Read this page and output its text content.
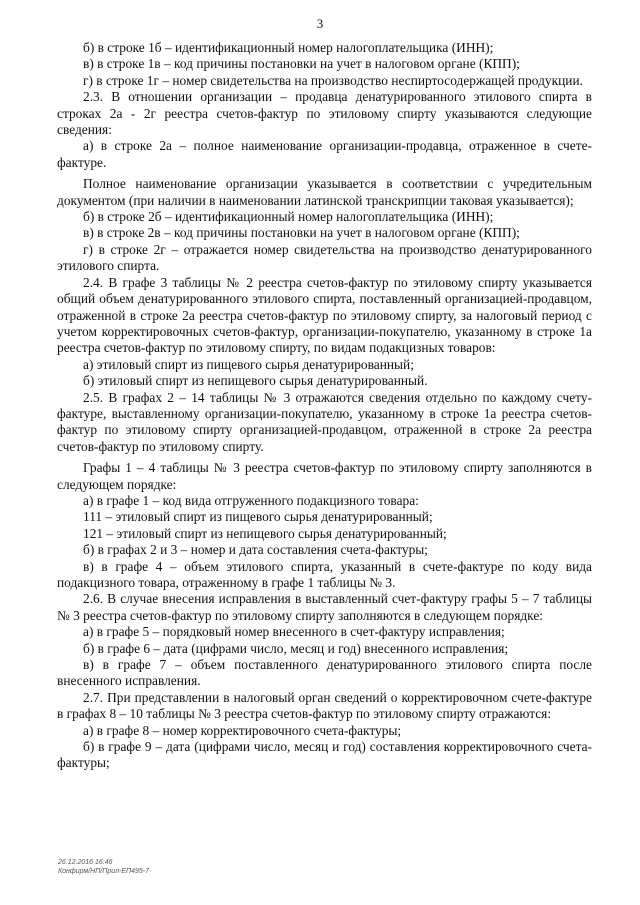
3

б) в строке 1б – идентификационный номер налогоплательщика (ИНН);

в) в строке 1в – код причины постановки на учет в налоговом органе (КПП);

г) в строке 1г – номер свидетельства на производство неспиртосодержащей продукции.

2.3. В отношении организации – продавца денатурированного этилового спирта в строках 2а - 2г реестра счетов-фактур по этиловому спирту указываются следующие сведения:

а) в строке 2а – полное наименование организации-продавца, отраженное в счете-фактуре.

Полное наименование организации указывается в соответствии с учредительным документом (при наличии в наименовании латинской транскрипции таковая указывается);

б) в строке 2б – идентификационный номер налогоплательщика (ИНН);

в) в строке 2в – код причины постановки на учет в налоговом органе (КПП);

г) в строке 2г – отражается номер свидетельства на производство денатурированного этилового спирта.

2.4. В графе 3 таблицы № 2 реестра счетов-фактур по этиловому спирту указывается общий объем денатурированного этилового спирта, поставленный организацией-продавцом, отраженной в строке 2а реестра счетов-фактур по этиловому спирту, за налоговый период с учетом корректировочных счетов-фактур, организации-покупателю, указанному в строке 1а реестра счетов-фактур по этиловому спирту, по видам подакцизных товаров:

а) этиловый спирт из пищевого сырья денатурированный;

б) этиловый спирт из непищевого сырья денатурированный.

2.5. В графах 2 – 14 таблицы № 3 отражаются сведения отдельно по каждому счету-фактуре, выставленному организации-покупателю, указанному в строке 1а реестра счетов-фактур по этиловому спирту организацией-продавцом, отраженной в строке 2а реестра счетов-фактур по этиловому спирту.

Графы 1 – 4 таблицы № 3 реестра счетов-фактур по этиловому спирту заполняются в следующем порядке:

а) в графе 1 – код вида отгруженного подакцизного товара:

111 – этиловый спирт из пищевого сырья денатурированный;

121 – этиловый спирт из непищевого сырья денатурированный;

б) в графах 2 и 3 – номер и дата составления счета-фактуры;

в) в графе 4 – объем этилового спирта, указанный в счете-фактуре по коду вида подакцизного товара, отраженному в графе 1 таблицы № 3.

2.6. В случае внесения исправления в выставленный счет-фактуру графы 5 – 7 таблицы № 3 реестра счетов-фактур по этиловому спирту заполняются в следующем порядке:

а) в графе 5 – порядковый номер внесенного в счет-фактуру исправления;

б) в графе 6 – дата (цифрами число, месяц и год) внесенного исправления;

в) в графе 7 – объем поставленного денатурированного этилового спирта после внесенного исправления.

2.7. При представлении в налоговый орган сведений о корректировочном счете-фактуре в графах 8 – 10 таблицы № 3 реестра счетов-фактур по этиловому спирту отражаются:

а) в графе 8 – номер корректировочного счета-фактуры;

б) в графе 9 – дата (цифрами число, месяц и год) составления корректировочного счета-фактуры;

26.12.2016 16:46
Конфирм/НП/Прил-ЕП495-7
